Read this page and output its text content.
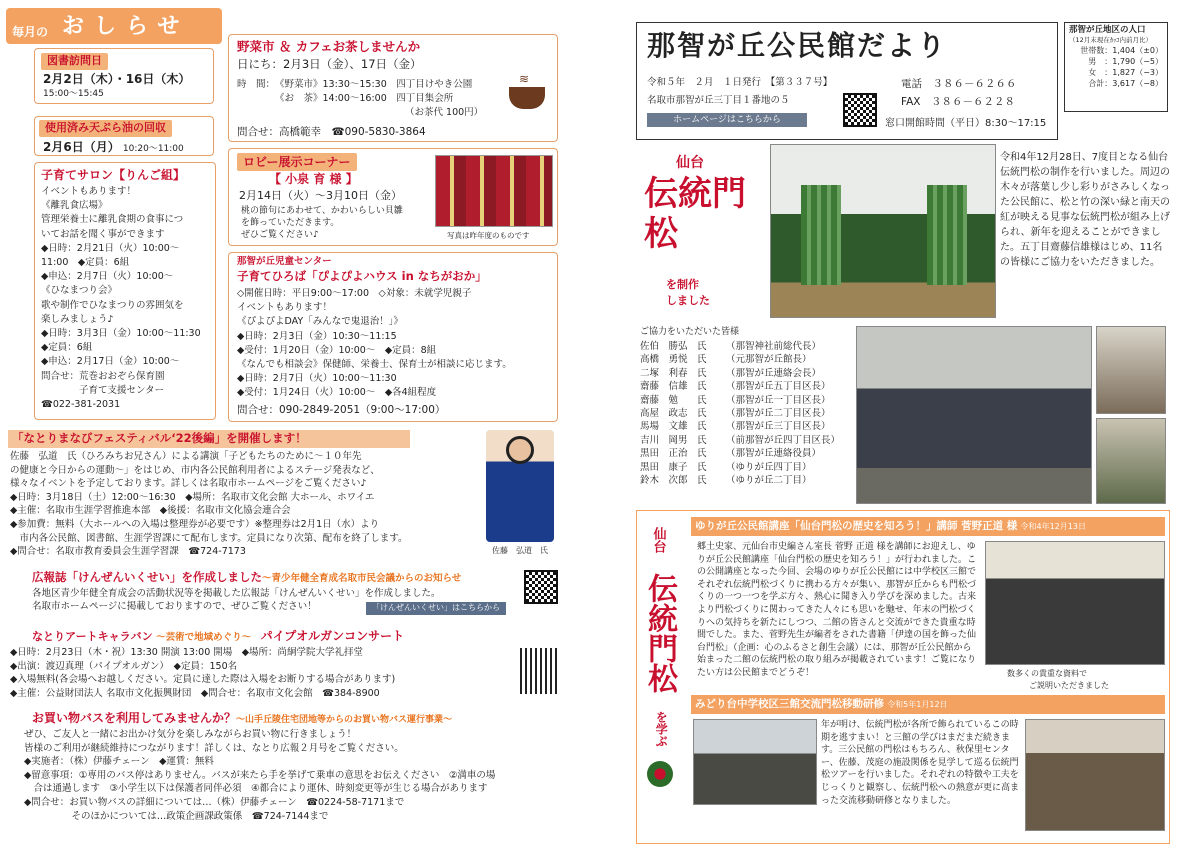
毎月の おしらせ
図書訪問日
2月2日（木）・16日（木）
15:00〜15:45
使用済み天ぷら油の回収
2月6日（月） 10:20〜11:00
子育てサロン【りんご組】
イベントもあります！
《離乳食広場》
管理栄養士に離乳食期の食事につ
いてお話を聞く事ができます
◆日時：2月21日（火）10:00〜
11:00　◆定員：6組
◆申込：2月7日（火）10:00〜
《ひなまつり会》
歌や制作でひなまつりの雰囲気を
楽しみましょう♪
◆日時：3月3日（金）10:00〜11:30
◆定員：6組
◆申込：2月17日（金）10:00〜
問合せ：荒巻おおぞら保育園
　　　　子育て支援センター
☎022-381-2031
野菜市 ＆ カフェお茶しませんか
日にち：2月3日（金）、17日（金）
時　間： 《野菜市》13:30〜15:30　四丁目けやき公園
《お　茶》14:00〜16:00　四丁目集会所
（お茶代 100円）
問合せ：高橋範幸　☎090-5830-3864
≋
ロビー展示コーナー
【 小泉 育 様 】
2月14日（火）〜3月10日（金）
桃の節句にあわせて、かわいらしい貝雛
を飾っていただきます。
ぜひご覧ください♪	写真は昨年度のものです
那智が丘児童センター
子育てひろば「ぴよぴよハウス in なちがおか」
◇開催日時：平日9:00〜17:00　◇対象：未就学児親子
イベントもあります！
《ぴよぴよDAY「みんなで鬼退治！」》
◆日時：2月3日（金）10:30〜11:15
◆受付：1月20日（金）10:00〜　◆定員：8組
《なんでも相談会》保健師、栄養士、保育士が相談に応じます。
◆日時：2月7日（火）10:00〜11:30
◆受付：1月24日（火）10:00〜　◆各4組程度
問合せ：090-2849-2051（9:00〜17:00）
「なとりまなびフェスティバル‘22後編」を開催します！
佐藤　弘道　氏（ひろみちお兄さん）による講演「子どもたちのために〜１０年先
の健康と今日からの運動〜」をはじめ、市内各公民館利用者によるステージ発表など、
様々なイベントを予定しております。詳しくは名取市ホームページをご覧ください♪
◆日時：3月18日（土）12:00〜16:30　◆場所：名取市文化会館 大ホール、ホワイエ
◆主催：名取市生涯学習推進本部　◆後援：名取市文化協会連合会
◆参加費：無料（大ホールへの入場は整理券が必要です）※整理券は2月1日（水）より
　市内各公民館、図書館、生涯学習課にて配布します。定員になり次第、配布を終了します。
◆問合せ：名取市教育委員会生涯学習課　☎724-7173	佐藤　弘道　氏
広報誌「けんぜんいくせい」を作成しました〜青少年健全育成名取市民会議からのお知らせ
各地区青少年健全育成会の活動状況等を掲載した広報誌「けんぜんいくせい」を作成しました。
名取市ホームページに掲載しておりますので、ぜひご覧ください！	「けんぜんいくせい」はこちらから
なとりアートキャラバン 〜芸術で地域めぐり〜 パイプオルガンコンサート
◆日時：2月23日（木・祝）13:30 開演 13:00 開場　◆場所：尚絅学院大学礼拝堂
◆出演：渡辺真理（パイプオルガン）　◆定員：150名
◆入場無料(各会場へお越しください。定員に達した際は入場をお断りする場合があります)
◆主催：公益財団法人 名取市文化振興財団　◆問合せ：名取市文化会館　☎384-8900
お買い物バスを利用してみませんか？〜山手丘陵住宅団地等からのお買い物バス運行事業〜
ぜひ、ご友人と一緒にお出かけ気分を楽しみながらお買い物に行きましょう！
皆様のご利用が継続維持につながります！詳しくは、なとり広報２月号をご覧ください。
◆実施者：（株）伊藤チェーン　◆運賃：無料
◆留意事項：①専用のバス停はありません。バスが来たら手を挙げて乗車の意思をお伝えください　②満車の場
　合は通過します　③小学生以下は保護者同伴必須　④都合により運休、時刻変更等が生じる場合があります
◆問合せ：お買い物バスの詳細については…（株）伊藤チェーン　☎0224-58-7171まで
　　　　　そのほかについては…政策企画課政策係　☎724-7144まで
那智が丘公民館だより
令和５年　２月　１日発行　【第３３７号】	電話　３８６－６２６６
名取市那智が丘三丁目１番地の５	FAX　３８６－６２２８
ホームページはこちらから	窓口開館時間（平日）8:30〜17:15
那智が丘地区の人口
（12月末現在ｶｯｺ内前月比）
世帯数： 1,404（±0）
男　： 1,790（−5）
女　： 1,827（−3）
合計： 3,617（−8）
仙台
伝統門松
を制作
しました
令和4年12月28日、7度目となる仙台伝統門松の制作を行いました。周辺の木々が落葉し少し彩りがさみしくなった公民館に、松と竹の深い緑と南天の紅が映える見事な伝統門松が組み上げられ、新年を迎えることができました。五丁目齋藤信雄様はじめ、11名の皆様にご協力をいただきました。
ご協力をいただいた皆様
佐伯　勝弘　氏 （那智神社前総代長）
高橋　勇悦　氏 （元那智が丘館長）
二塚　利春　氏 （那智が丘連絡会長）
齋藤　信雄　氏 （那智が丘五丁目区長）
齋藤　勉　　氏 （那智が丘一丁目区長）
高屋　政志　氏 （那智が丘二丁目区長）
馬場　文雄　氏 （那智が丘三丁目区長）
吉川　岡男　氏 （前那智が丘四丁目区長）
黒田　正治　氏 （那智が丘連絡役員）
黒田　康子　氏 （ゆりが丘四丁目）
鈴木　次郎　氏 （ゆりが丘二丁目）
仙台
伝統門松
を学ぶ
ゆりが丘公民館講座「仙台門松の歴史を知ろう！」講師 菅野正道 様 令和4年12月13日
郷土史家、元仙台市史編さん室長 菅野 正道 様を講師にお迎えし、ゆりが丘公民館講座「仙台門松の歴史を知ろう！」が行われました。この公開講座となった今回、会場のゆりが丘公民館には中学校区三館でそれぞれ伝統門松づくりに携わる方々が集い、那智が丘からも門松づくりの一つ一つを学ぶ方々、熱心に聞き入り学びを深めました。古来より門松づくりに関わってきた人々にも思いを馳せ、年末の門松づくりへの気持ちを新たにしつつ、二館の皆さんと交流ができた貴重な時間でした。また、菅野先生が編者をされた書籍「伊達の国を飾った仙台門松」（企画：心のふるさと創生会議）には、那智が丘公民館から始まった二館の伝統門松の取り組みが掲載されています！ご覧になりたい方は公民館までどうぞ！	数多くの貴重な資料で
ご説明いただきました
みどり台中学校区三館交流門松移動研修 令和5年1月12日
年が明け、伝統門松が各所で飾られているこの時期を逃すまい！と三館の学びはまだまだ続きます。三公民館の門松はもちろん、秋保里センター、佐藤、茂庭の施設関係を見学して巡る伝統門松ツアーを行いました。それぞれの特徴や工夫をじっくりと観察し、伝統門松への熱意が更に高まった交流移動研修となりました。
